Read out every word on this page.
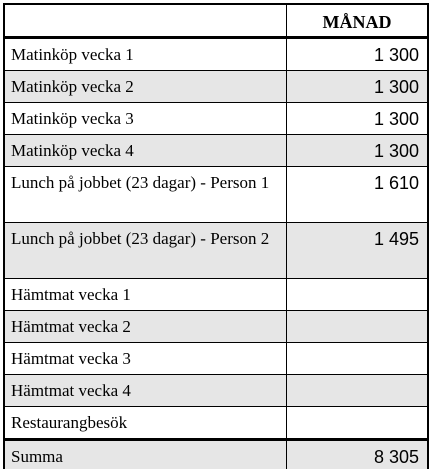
MÅNAD
Matinköp vecka 1	1 300
Matinköp vecka 2	1 300
Matinköp vecka 3	1 300
Matinköp vecka 4	1 300
Lunch på jobbet (23 dagar) - Person 1	1 610
Lunch på jobbet (23 dagar) - Person 2	1 495
Hämtmat vecka 1
Hämtmat vecka 2
Hämtmat vecka 3
Hämtmat vecka 4
Restaurangbesök
Summa	8 305
